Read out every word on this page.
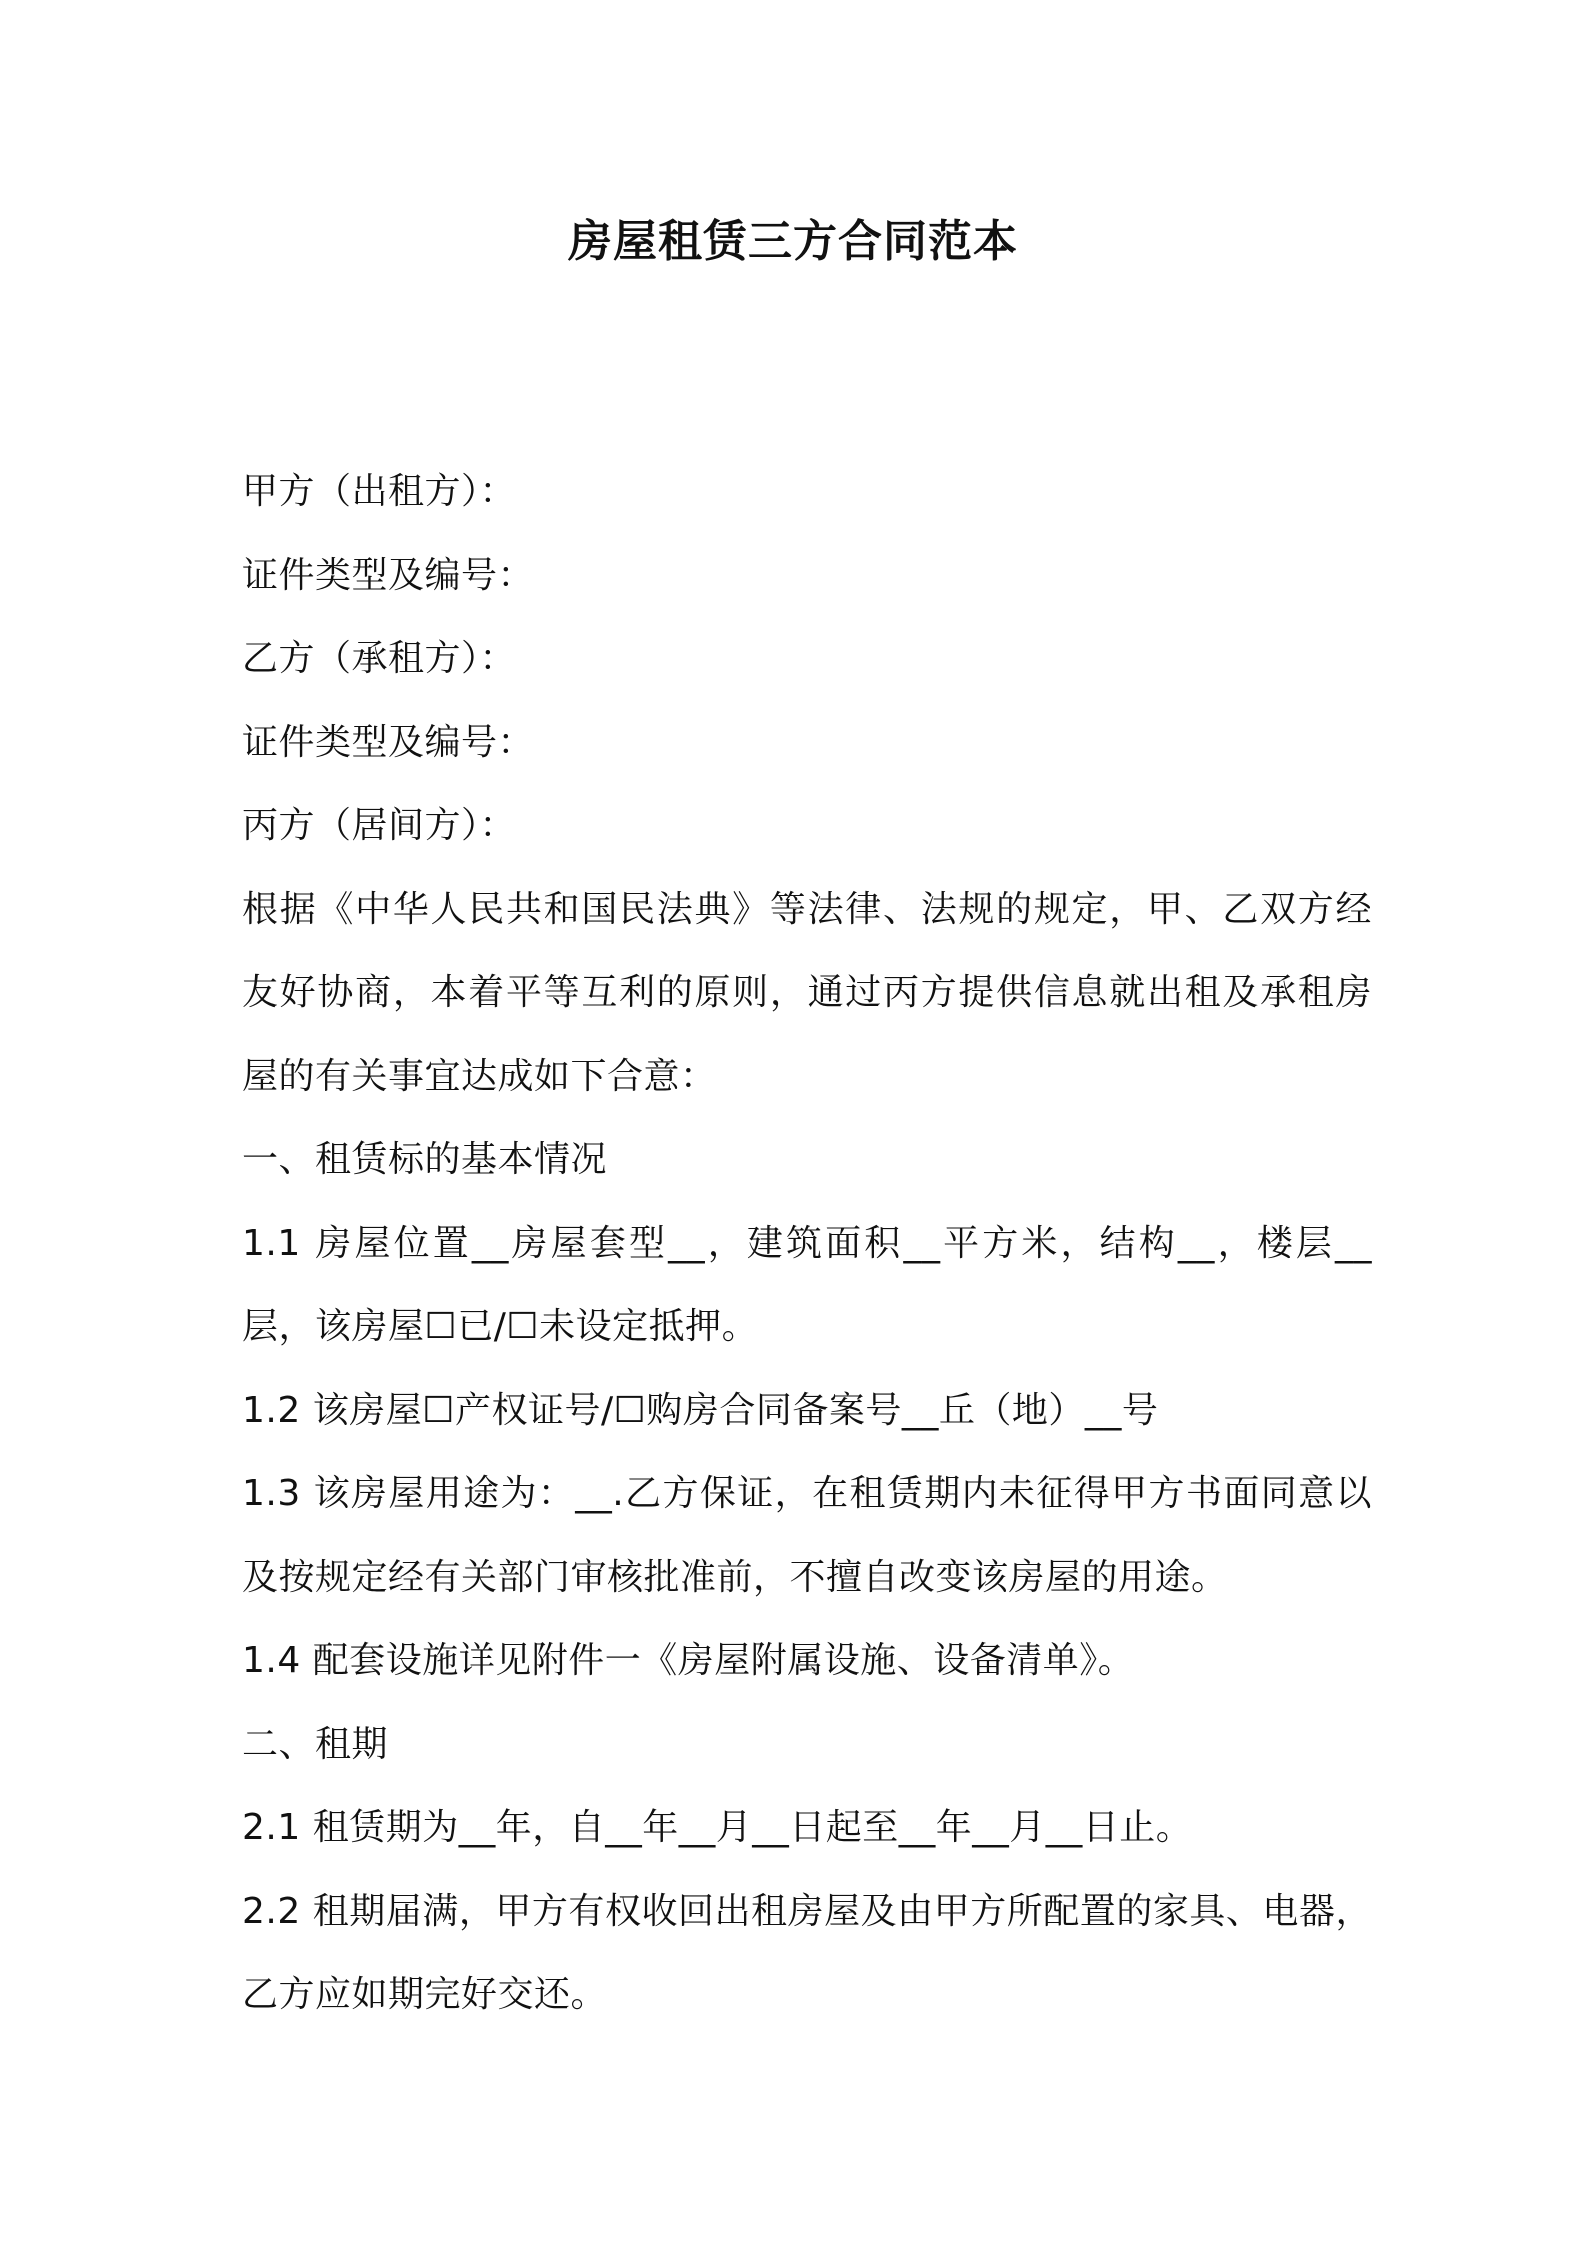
房屋租赁三方合同范本

甲方（出租方）：

证件类型及编号：

乙方（承租方）：

证件类型及编号：

丙方（居间方）：

根据《中华人民共和国民法典》等法律、法规的规定，甲、乙双方经

友好协商，本着平等互利的原则，通过丙方提供信息就出租及承租房

屋的有关事宜达成如下合意：

一、租赁标的基本情况

1.1 房屋位置__房屋套型__，建筑面积__平方米，结构__，楼层__

层，该房屋☐已/☐未设定抵押。

1.2 该房屋☐产权证号/☐购房合同备案号__丘（地）__号

1.3 该房屋用途为：__.乙方保证，在租赁期内未征得甲方书面同意以

及按规定经有关部门审核批准前，不擅自改变该房屋的用途。

1.4 配套设施详见附件一《房屋附属设施、设备清单》。

二、租期

2.1 租赁期为__年，自__年__月__日起至__年__月__日止。

2.2 租期届满，甲方有权收回出租房屋及由甲方所配置的家具、电器，

乙方应如期完好交还。
